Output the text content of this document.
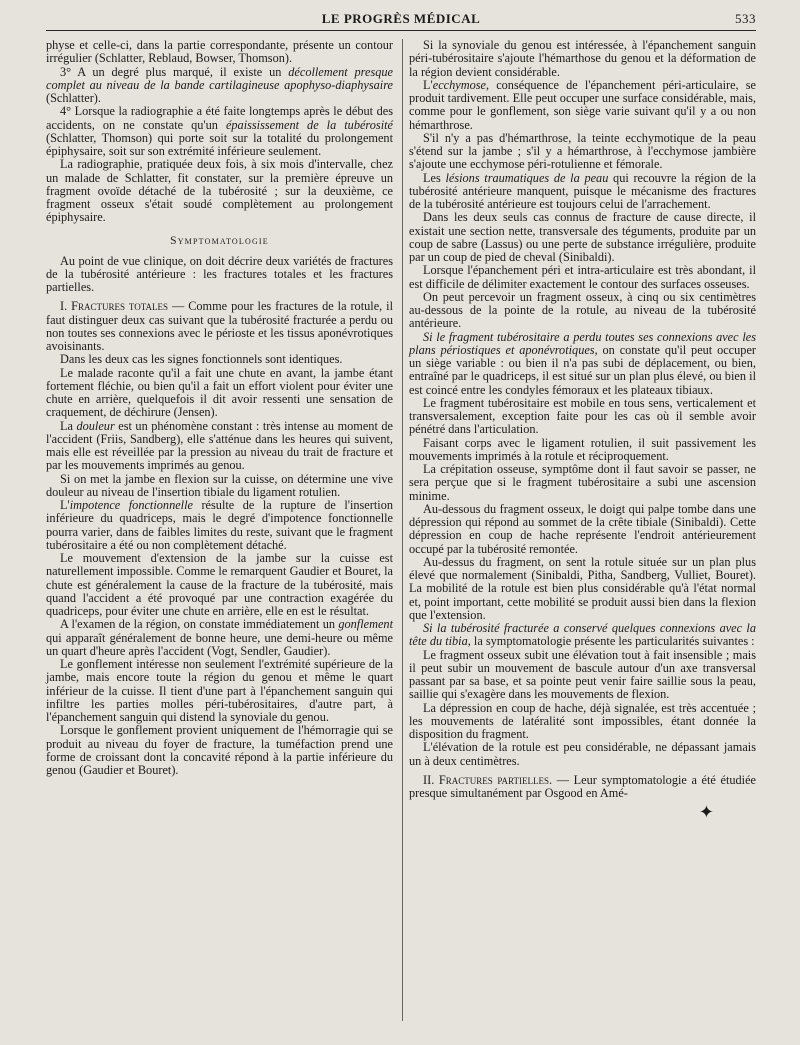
LE PROGRÈS MÉDICAL	533

physe et celle-ci, dans la partie correspondante, présente un contour irrégulier (Schlatter, Reblaud, Bowser, Thomson).

3° A un degré plus marqué, il existe un décollement presque complet au niveau de la bande cartilagineuse apophyso-diaphysaire (Schlatter).

4° Lorsque la radiographie a été faite longtemps après le début des accidents, on ne constate qu'un épaississement de la tubérosité (Schlatter, Thomson) qui porte soit sur la totalité du prolongement épiphysaire, soit sur son extrémité inférieure seulement.

La radiographie, pratiquée deux fois, à six mois d'intervalle, chez un malade de Schlatter, fit constater, sur la première épreuve un fragment ovoïde détaché de la tubérosité ; sur la deuxième, ce fragment osseux s'était soudé complètement au prolongement épiphysaire.

Symptomatologie

Au point de vue clinique, on doit décrire deux variétés de fractures de la tubérosité antérieure : les fractures totales et les fractures partielles.

I. Fractures totales — Comme pour les fractures de la rotule, il faut distinguer deux cas suivant que la tubérosité fracturée a perdu ou non toutes ses connexions avec le périoste et les tissus aponévrotiques avoisinants.

Dans les deux cas les signes fonctionnels sont identiques.

Le malade raconte qu'il a fait une chute en avant, la jambe étant fortement fléchie, ou bien qu'il a fait un effort violent pour éviter une chute en arrière, quelquefois il dit avoir ressenti une sensation de craquement, de déchirure (Jensen).

La douleur est un phénomène constant : très intense au moment de l'accident (Friis, Sandberg), elle s'atténue dans les heures qui suivent, mais elle est réveillée par la pression au niveau du trait de fracture et par les mouvements imprimés au genou.

Si on met la jambe en flexion sur la cuisse, on détermine une vive douleur au niveau de l'insertion tibiale du ligament rotulien.

L'impotence fonctionnelle résulte de la rupture de l'insertion inférieure du quadriceps, mais le degré d'impotence fonctionnelle pourra varier, dans de faibles limites du reste, suivant que le fragment tubérositaire a été ou non complètement détaché.

Le mouvement d'extension de la jambe sur la cuisse est naturellement impossible. Comme le remarquent Gaudier et Bouret, la chute est généralement la cause de la fracture de la tubérosité, mais quand l'accident a été provoqué par une contraction exagérée du quadriceps, pour éviter une chute en arrière, elle en est le résultat.

A l'examen de la région, on constate immédiatement un gonflement qui apparaît généralement de bonne heure, une demi-heure ou même un quart d'heure après l'accident (Vogt, Sendler, Gaudier).

Le gonflement intéresse non seulement l'extrémité supérieure de la jambe, mais encore toute la région du genou et même le quart inférieur de la cuisse. Il tient d'une part à l'épanchement sanguin qui infiltre les parties molles péri-tubérositaires, d'autre part, à l'épanchement sanguin qui distend la synoviale du genou.

Lorsque le gonflement provient uniquement de l'hémorragie qui se produit au niveau du foyer de fracture, la tuméfaction prend une forme de croissant dont la concavité répond à la partie inférieure du genou (Gaudier et Bouret).

Si la synoviale du genou est intéressée, à l'épanchement sanguin péri-tubérositaire s'ajoute l'hémarthose du genou et la déformation de la région devient considérable.

L'ecchymose, conséquence de l'épanchement péri-articulaire, se produit tardivement. Elle peut occuper une surface considérable, mais, comme pour le gonflement, son siège varie suivant qu'il y a ou non hémarthrose.

S'il n'y a pas d'hémarthrose, la teinte ecchymotique de la peau s'étend sur la jambe ; s'il y a hémarthrose, à l'ecchymose jambière s'ajoute une ecchymose péri-rotulienne et fémorale.

Les lésions traumatiques de la peau qui recouvre la région de la tubérosité antérieure manquent, puisque le mécanisme des fractures de la tubérosité antérieure est toujours celui de l'arrachement.

Dans les deux seuls cas connus de fracture de cause directe, il existait une section nette, transversale des téguments, produite par un coup de sabre (Lassus) ou une perte de substance irrégulière, produite par un coup de pied de cheval (Sinibaldi).

Lorsque l'épanchement péri et intra-articulaire est très abondant, il est difficile de délimiter exactement le contour des surfaces osseuses.

On peut percevoir un fragment osseux, à cinq ou six centimètres au-dessous de la pointe de la rotule, au niveau de la tubérosité antérieure.

Si le fragment tubérositaire a perdu toutes ses connexions avec les plans périostiques et aponévrotiques, on constate qu'il peut occuper un siège variable : ou bien il n'a pas subi de déplacement, ou bien, entraîné par le quadriceps, il est situé sur un plan plus élevé, ou bien il est coincé entre les condyles fémoraux et les plateaux tibiaux.

Le fragment tubérositaire est mobile en tous sens, verticalement et transversalement, exception faite pour les cas où il semble avoir pénétré dans l'articulation.

Faisant corps avec le ligament rotulien, il suit passivement les mouvements imprimés à la rotule et réciproquement.

La crépitation osseuse, symptôme dont il faut savoir se passer, ne sera perçue que si le fragment tubérositaire a subi une ascension minime.

Au-dessous du fragment osseux, le doigt qui palpe tombe dans une dépression qui répond au sommet de la crête tibiale (Sinibaldi). Cette dépression en coup de hache représente l'endroit antérieurement occupé par la tubérosité remontée.

Au-dessus du fragment, on sent la rotule située sur un plan plus élevé que normalement (Sinibaldi, Pitha, Sandberg, Vulliet, Bouret). La mobilité de la rotule est bien plus considérable qu'à l'état normal et, point important, cette mobilité se produit aussi bien dans la flexion que l'extension.

Si la tubérosité fracturée a conservé quelques connexions avec la tête du tibia, la symptomatologie présente les particularités suivantes :

Le fragment osseux subit une élévation tout à fait insensible ; mais il peut subir un mouvement de bascule autour d'un axe transversal passant par sa base, et sa pointe peut venir faire saillie sous la peau, saillie qui s'exagère dans les mouvements de flexion.

La dépression en coup de hache, déjà signalée, est très accentuée ; les mouvements de latéralité sont impossibles, étant donnée la disposition du fragment.

L'élévation de la rotule est peu considérable, ne dépassant jamais un à deux centimètres.

II. Fractures partielles. — Leur symptomatologie a été étudiée presque simultanément par Osgood en Amé-

✦
